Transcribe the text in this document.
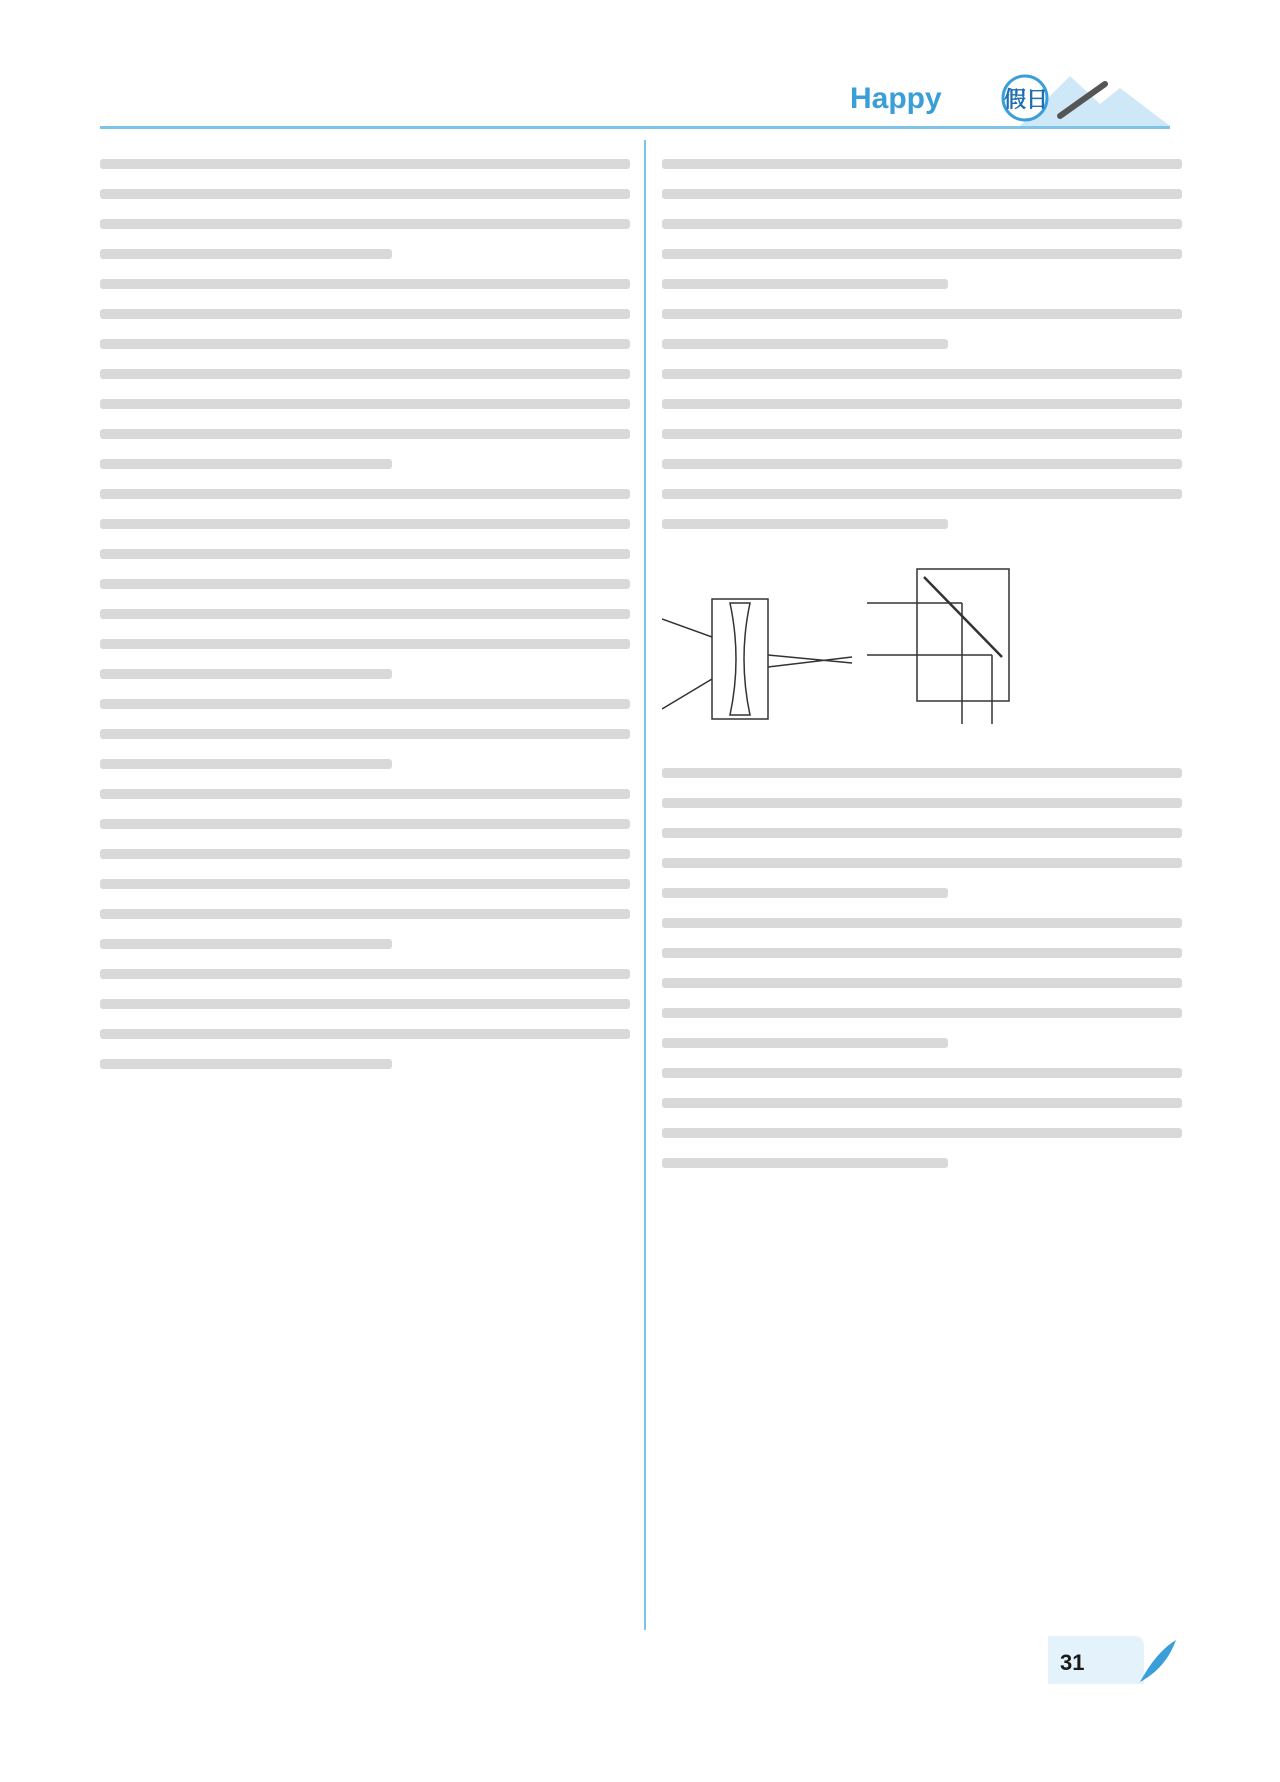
Happy	假日
31
